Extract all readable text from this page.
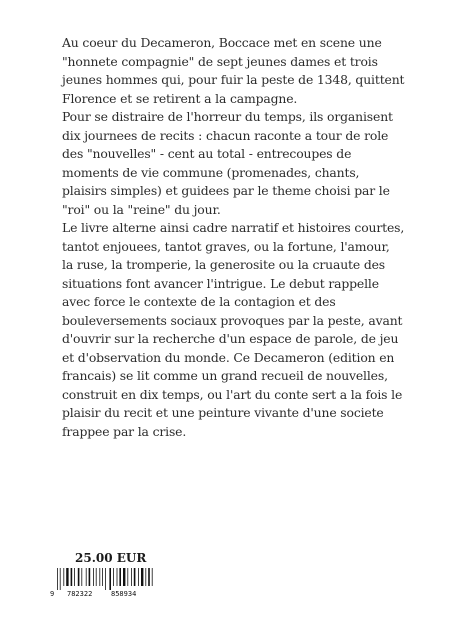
Au coeur du Decameron, Boccace met en scene une
"honnete compagnie" de sept jeunes dames et trois
jeunes hommes qui, pour fuir la peste de 1348, quittent
Florence et se retirent a la campagne.
Pour se distraire de l'horreur du temps, ils organisent
dix journees de recits : chacun raconte a tour de role
des "nouvelles" - cent au total - entrecoupes de
moments de vie commune (promenades, chants,
plaisirs simples) et guidees par le theme choisi par le
"roi" ou la "reine" du jour.
Le livre alterne ainsi cadre narratif et histoires courtes,
tantot enjouees, tantot graves, ou la fortune, l'amour,
la ruse, la tromperie, la generosite ou la cruaute des
situations font avancer l'intrigue. Le debut rappelle
avec force le contexte de la contagion et des
bouleversements sociaux provoques par la peste, avant
d'ouvrir sur la recherche d'un espace de parole, de jeu
et d'observation du monde. Ce Decameron (edition en
francais) se lit comme un grand recueil de nouvelles,
construit en dix temps, ou l'art du conte sert a la fois le
plaisir du recit et une peinture vivante d'une societe
frappee par la crise.
25.00 EUR
9 782322	858934
